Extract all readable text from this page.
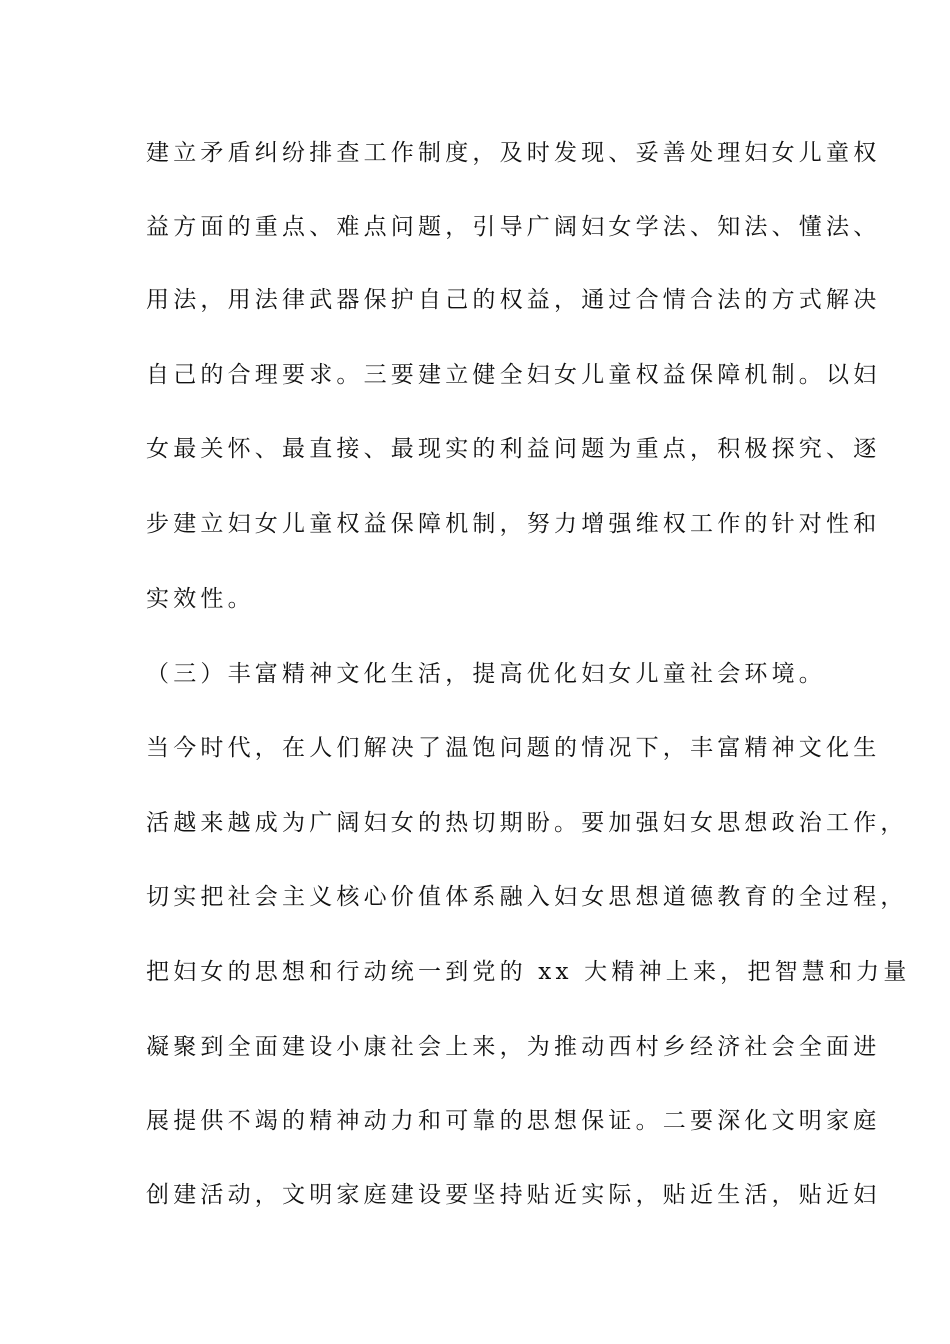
建立矛盾纠纷排查工作制度，及时发现、妥善处理妇女儿童权
益方面的重点、难点问题，引导广阔妇女学法、知法、懂法、
用法，用法律武器保护自己的权益，通过合情合法的方式解决
自己的合理要求。三要建立健全妇女儿童权益保障机制。以妇
女最关怀、最直接、最现实的利益问题为重点，积极探究、逐
步建立妇女儿童权益保障机制，努力增强维权工作的针对性和
实效性。
（三）丰富精神文化生活，提高优化妇女儿童社会环境。
当今时代，在人们解决了温饱问题的情况下，丰富精神文化生
活越来越成为广阔妇女的热切期盼。要加强妇女思想政治工作，
切实把社会主义核心价值体系融入妇女思想道德教育的全过程，
把妇女的思想和行动统一到党的 xx 大精神上来，把智慧和力量
凝聚到全面建设小康社会上来，为推动西村乡经济社会全面进
展提供不竭的精神动力和可靠的思想保证。二要深化文明家庭
创建活动，文明家庭建设要坚持贴近实际，贴近生活，贴近妇
